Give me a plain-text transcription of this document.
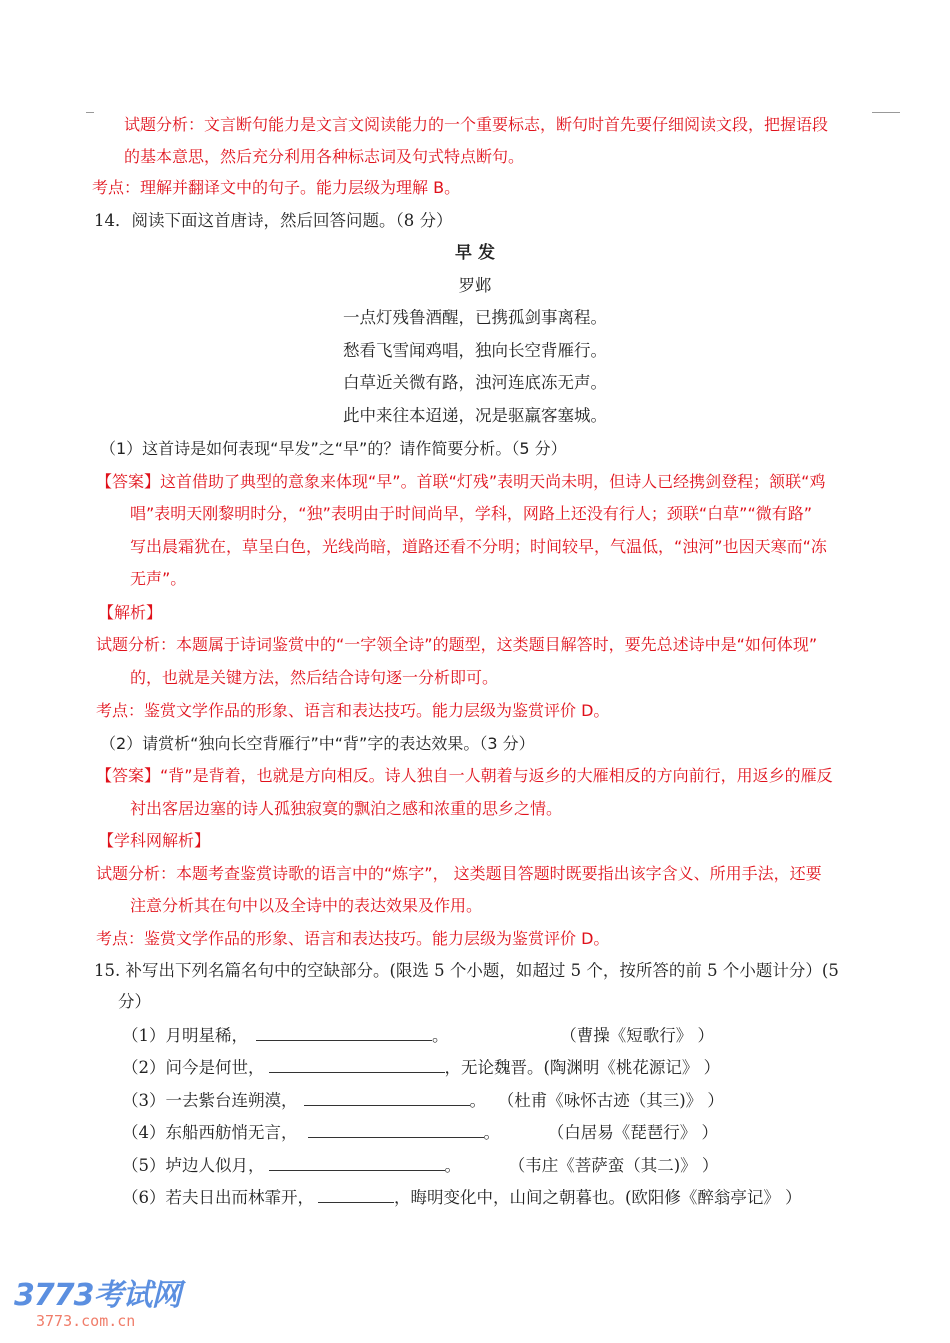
试题分析：文言断句能力是文言文阅读能力的一个重要标志，断句时首先要仔细阅读文段，把握语段
的基本意思，然后充分利用各种标志词及句式特点断句。
考点：理解并翻译文中的句子。能力层级为理解 B。
14．阅读下面这首唐诗，然后回答问题。（8 分）
早 发
罗邺
一点灯残鲁酒醒，已携孤剑事离程。
愁看飞雪闻鸡唱，独向长空背雁行。
白草近关微有路，浊河连底冻无声。
此中来往本迢递，况是驱羸客塞城。
（1）这首诗是如何表现“早发”之“早”的？请作简要分析。（5 分）
【答案】这首借助了典型的意象来体现“早”。首联“灯残”表明天尚未明，但诗人已经携剑登程；颔联“鸡
唱”表明天刚黎明时分，“独”表明由于时间尚早，学科，网路上还没有行人；颈联“白草”“微有路”
写出晨霜犹在，草呈白色，光线尚暗，道路还看不分明；时间较早，气温低，“浊河”也因天寒而“冻
无声”。
【解析】
试题分析：本题属于诗词鉴赏中的“一字领全诗”的题型，这类题目解答时，要先总述诗中是“如何体现”
的，也就是关键方法，然后结合诗句逐一分析即可。
考点：鉴赏文学作品的形象、语言和表达技巧。能力层级为鉴赏评价 D。
（2）请赏析“独向长空背雁行”中“背”字的表达效果。（3 分）
【答案】“背”是背着，也就是方向相反。诗人独自一人朝着与返乡的大雁相反的方向前行，用返乡的雁反
衬出客居边塞的诗人孤独寂寞的飘泊之感和浓重的思乡之情。
【学科网解析】
试题分析：本题考查鉴赏诗歌的语言中的“炼字”， 这类题目答题时既要指出该字含义、所用手法，还要
注意分析其在句中以及全诗中的表达效果及作用。
考点：鉴赏文学作品的形象、语言和表达技巧。能力层级为鉴赏评价 D。
15. 补写出下列名篇名句中的空缺部分。(限选 5 个小题，如超过 5 个，按所答的前 5 个小题计分）(5
分）
（1）月明星稀，	。	（曹操《短歌行》 ）
（2）问今是何世，	，无论魏晋。(陶渊明《桃花源记》 ）
（3）一去紫台连朔漠，	。 （杜甫《咏怀古迹（其三)》 ）
（4）东船西舫悄无言，	。	（白居易《琵琶行》 ）
（5）垆边人似月，	。	（韦庄《菩萨蛮（其二)》 ）
（6）若夫日出而林霏开，	，晦明变化中，山间之朝暮也。(欧阳修《醉翁亭记》 ）
3773考试网
3773.com.cn
